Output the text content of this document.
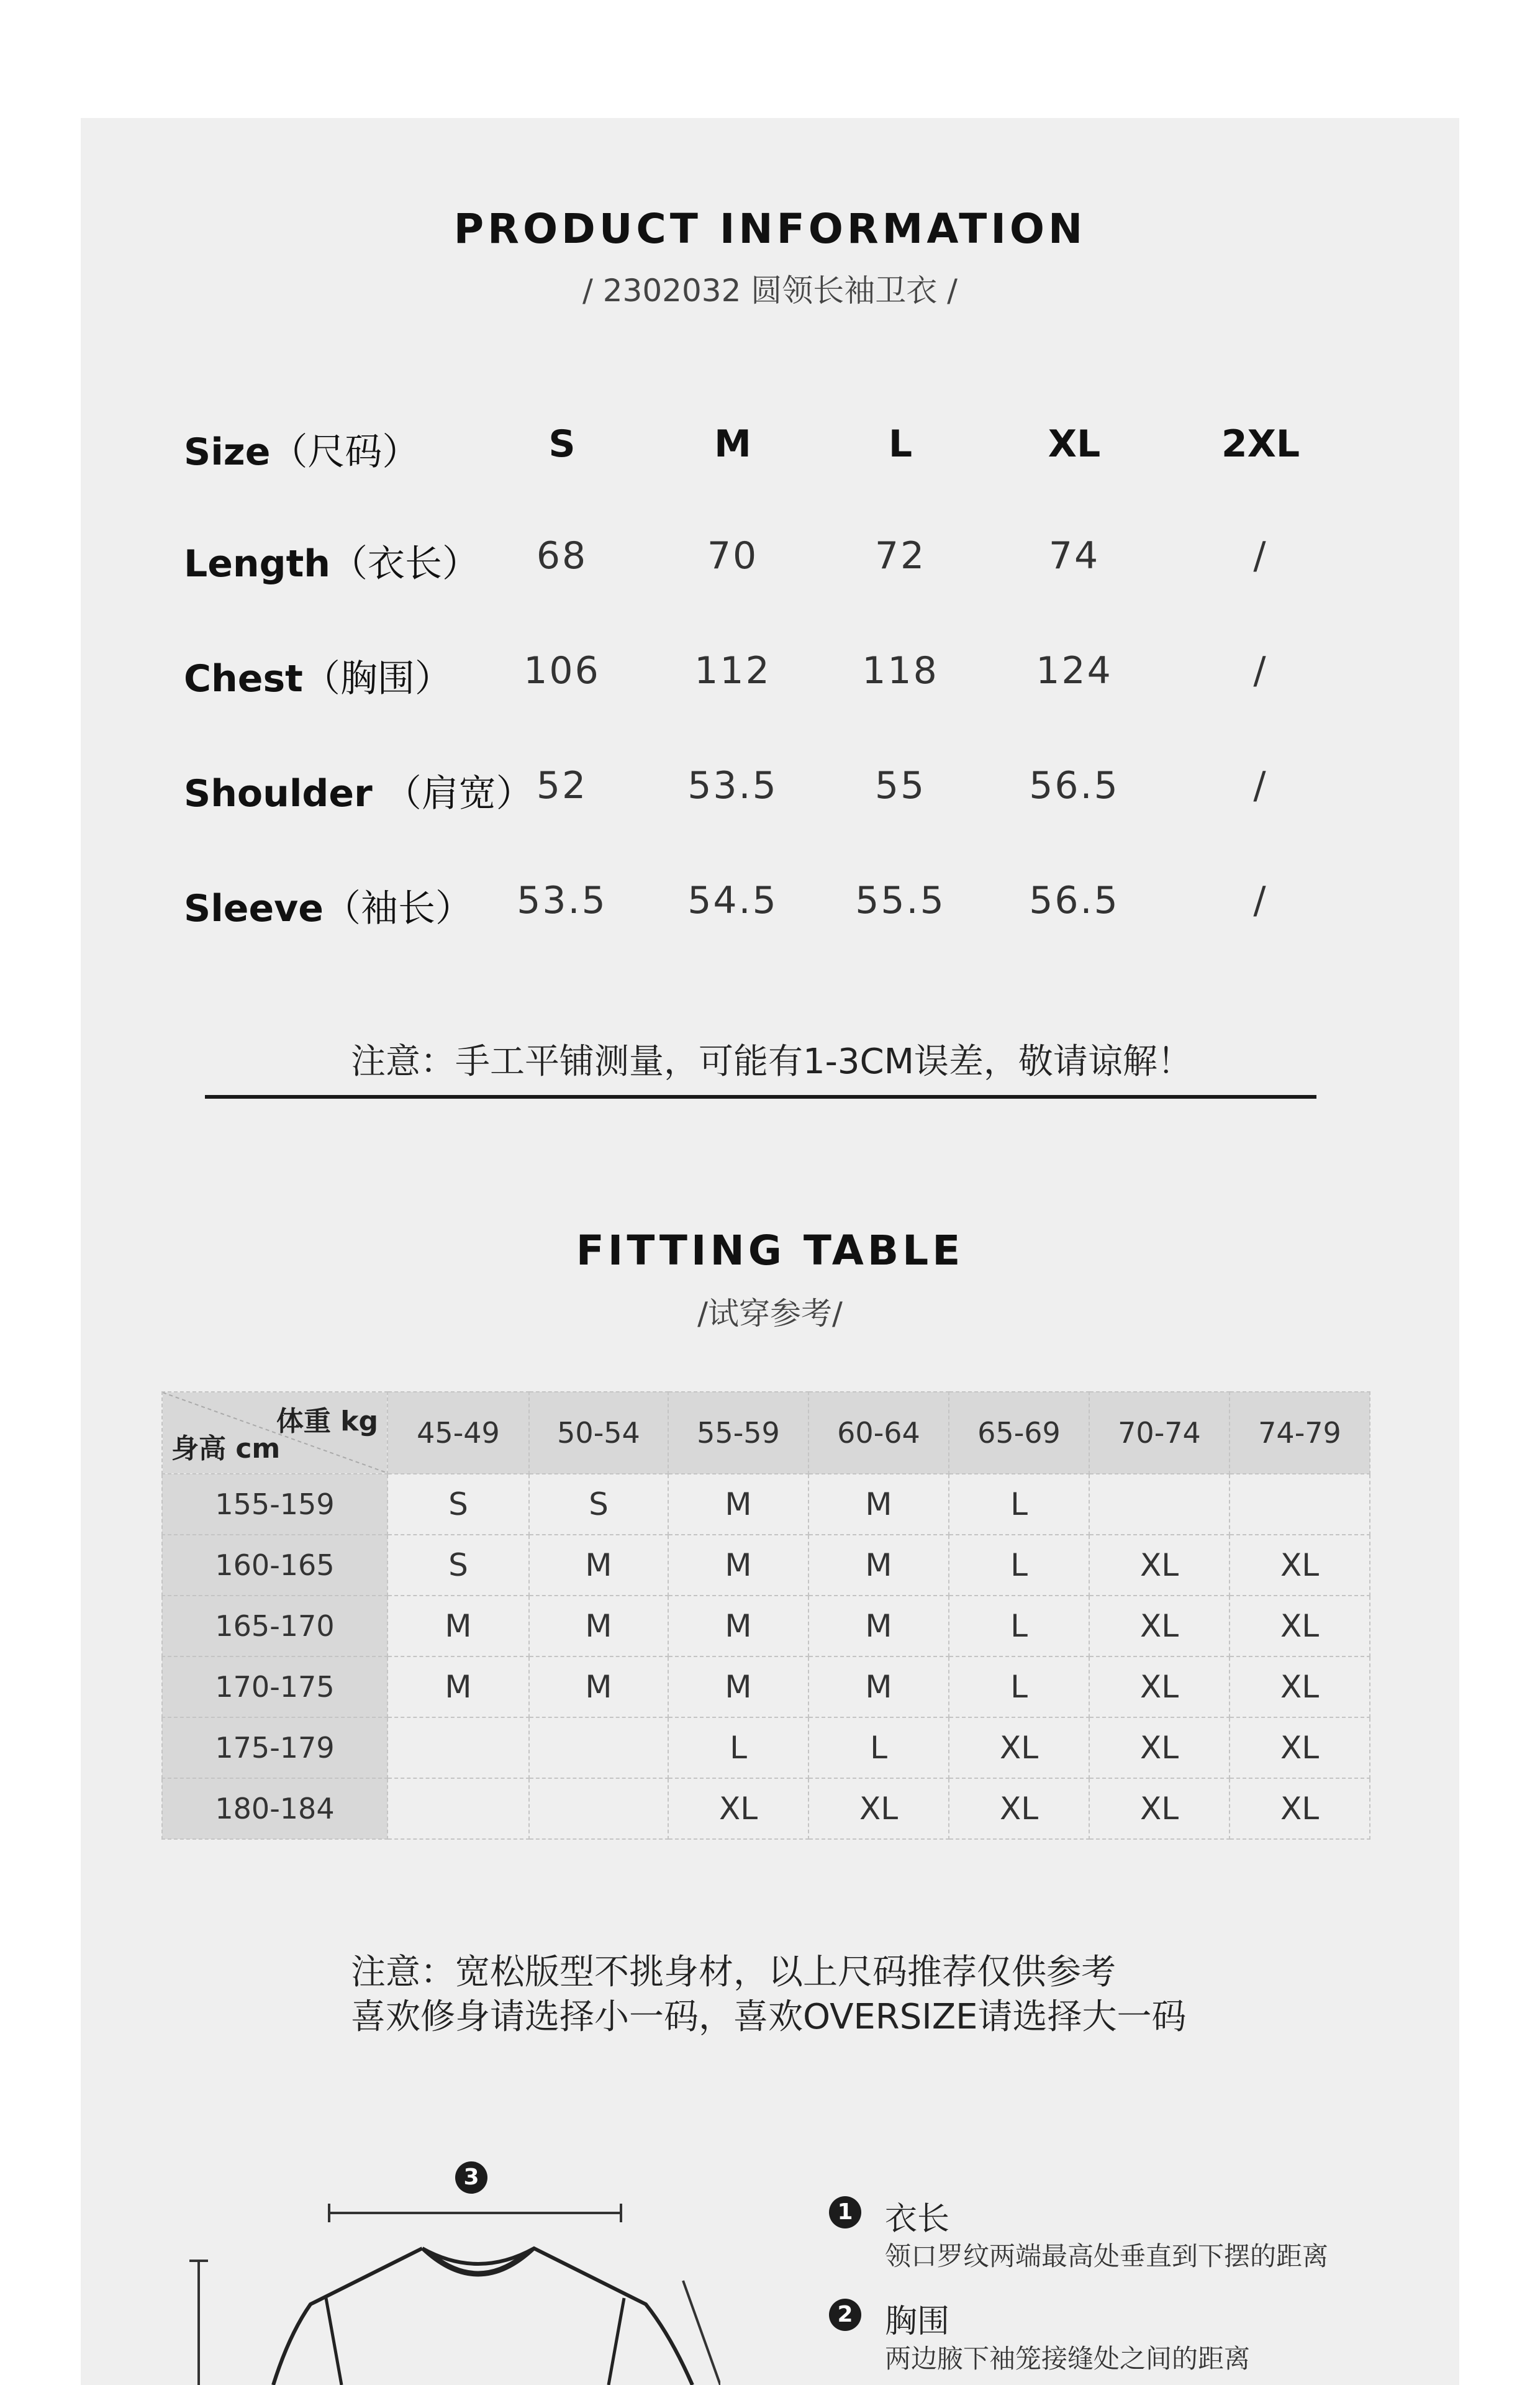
PRODUCT INFORMATION
/ 2302032 圆领长袖卫衣 /
Size（尺码）	S	M	L	XL	2XL
Length（衣长）	68	70	72	74	/
Chest（胸围）	106	112	118	124	/
Shoulder （肩宽） 52	53.5	55	56.5	/
Sleeve（袖长）	53.5	54.5	55.5	56.5	/
注意：手工平铺测量，可能有1-3CM误差，敬请谅解！
FITTING TABLE
/试穿参考/
体重 kg
身高 cm	45-49	50-54	55-59	60-64	65-69	70-74	74-79
155-159	S	S	M	M	L		
160-165	S	M	M	M	L	XL	XL
165-170	M	M	M	M	L	XL	XL
170-175	M	M	M	M	L	XL	XL
175-179			L	L	XL	XL	XL
180-184			XL	XL	XL	XL	XL
注意：宽松版型不挑身材，以上尺码推荐仅供参考
喜欢修身请选择小一码，喜欢OVERSIZE请选择大一码
3
1 衣长
领口罗纹两端最高处垂直到下摆的距离
2 胸围
两边腋下袖笼接缝处之间的距离
